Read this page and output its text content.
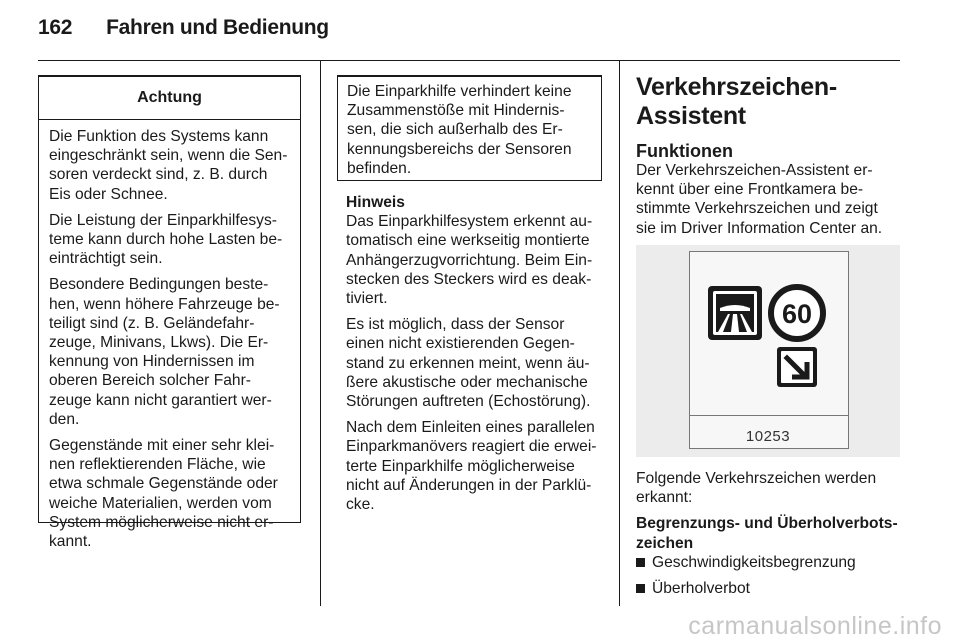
162 Fahren und Bedienung
Achtung

Die Funktion des Systems kann
eingeschränkt sein, wenn die Sen-
soren verdeckt sind, z. B. durch
Eis oder Schnee.

Die Leistung der Einparkhilfesys-
teme kann durch hohe Lasten be-
einträchtigt sein.

Besondere Bedingungen beste-
hen, wenn höhere Fahrzeuge be-
teiligt sind (z. B. Geländefahr-
zeuge, Minivans, Lkws). Die Er-
kennung von Hindernissen im
oberen Bereich solcher Fahr-
zeuge kann nicht garantiert wer-
den.

Gegenstände mit einer sehr klei-
nen reflektierenden Fläche, wie
etwa schmale Gegenstände oder
weiche Materialien, werden vom
System möglicherweise nicht er-
kannt.

Die Einparkhilfe verhindert keine
Zusammenstöße mit Hindernis-
sen, die sich außerhalb des Er-
kennungsbereichs der Sensoren
befinden.
Hinweis

Das Einparkhilfesystem erkennt au-
tomatisch eine werkseitig montierte
Anhängerzugvorrichtung. Beim Ein-
stecken des Steckers wird es deak-
tiviert.

Es ist möglich, dass der Sensor
einen nicht existierenden Gegen-
stand zu erkennen meint, wenn äu-
ßere akustische oder mechanische
Störungen auftreten (Echostörung).

Nach dem Einleiten eines parallelen
Einparkmanövers reagiert die erwei-
terte Einparkhilfe möglicherweise
nicht auf Änderungen in der Parklü-
cke.

Verkehrszeichen-
Assistent
Funktionen

Der Verkehrszeichen-Assistent er-
kennt über eine Frontkamera be-
stimmte Verkehrszeichen und zeigt
sie im Driver Information Center an.

60
10253

Folgende Verkehrszeichen werden
erkannt:

Begrenzungs- und Überholverbots-
zeichen
Geschwindigkeitsbegrenzung
Überholverbot
carmanualsonline.info
